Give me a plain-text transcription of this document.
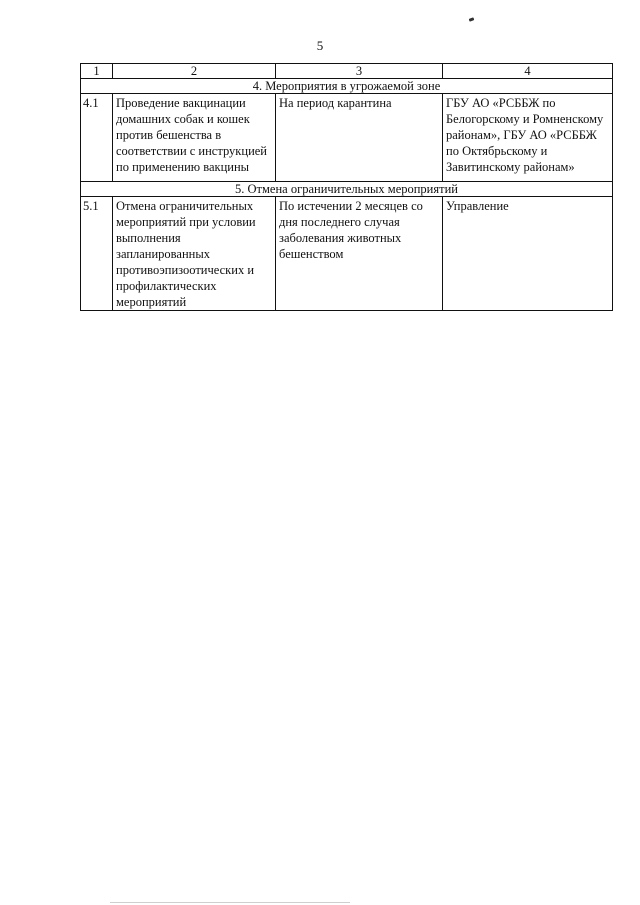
5
1	2	3	4
4. Мероприятия в угрожаемой зоне			
4.1	Проведение вакцинации домашних собак и кошек против бешенства в соответствии с инструкцией по применению вакцины	На период карантина	ГБУ АО «РСББЖ по Белогорскому и Ромненскому районам», ГБУ АО «РСББЖ по Октябрьскому и Завитинскому районам»

5. Отмена ограничительных мероприятий			
5.1	Отмена ограничительных мероприятий при условии выполнения запланированных противоэпизоотических и профилактических мероприятий	По истечении 2 месяцев со дня последнего случая заболевания животных бешенством	Управление
